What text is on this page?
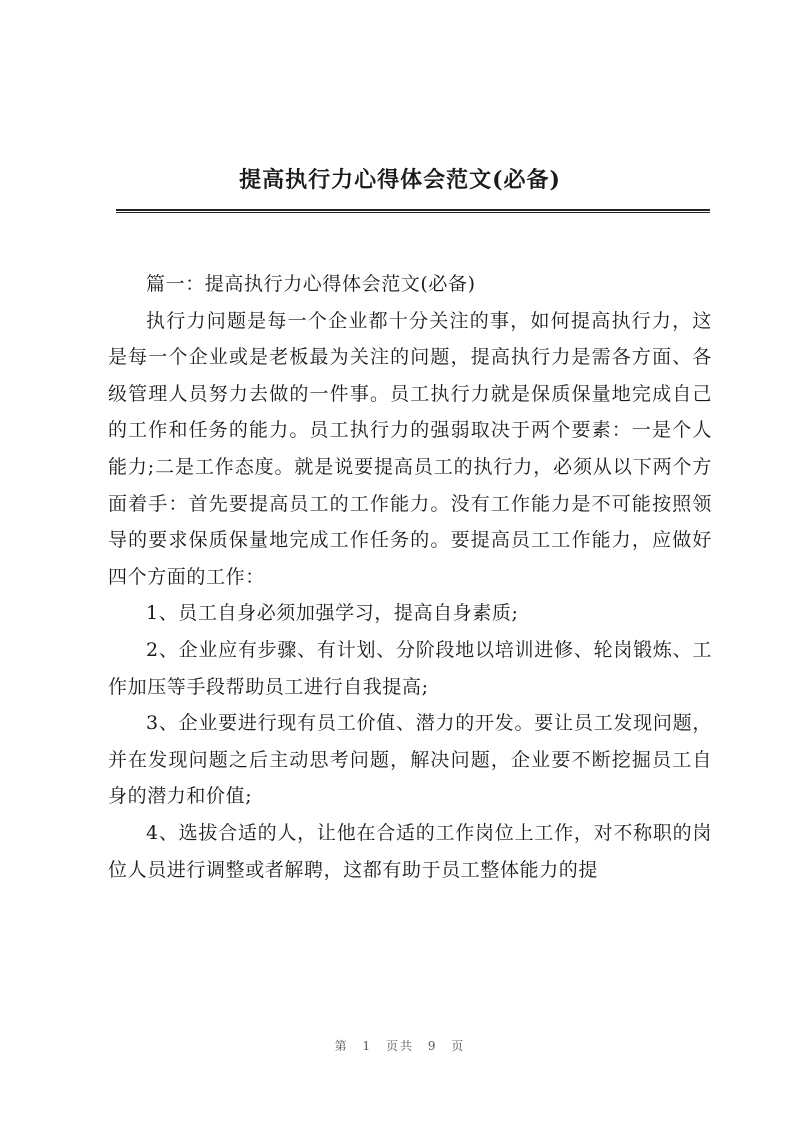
提高执行力心得体会范文(必备)

篇一：提高执行力心得体会范文(必备)

执行力问题是每一个企业都十分关注的事，如何提高执行力，这是每一个企业或是老板最为关注的问题，提高执行力是需各方面、各级管理人员努力去做的一件事。员工执行力就是保质保量地完成自己的工作和任务的能力。员工执行力的强弱取决于两个要素：一是个人能力;二是工作态度。就是说要提高员工的执行力，必须从以下两个方面着手：首先要提高员工的工作能力。没有工作能力是不可能按照领导的要求保质保量地完成工作任务的。要提高员工工作能力，应做好四个方面的工作：

1、员工自身必须加强学习，提高自身素质;

2、企业应有步骤、有计划、分阶段地以培训进修、轮岗锻炼、工作加压等手段帮助员工进行自我提高;

3、企业要进行现有员工价值、潜力的开发。要让员工发现问题，并在发现问题之后主动思考问题，解决问题，企业要不断挖掘员工自身的潜力和价值;

4、选拔合适的人，让他在合适的工作岗位上工作，对不称职的岗位人员进行调整或者解聘，这都有助于员工整体能力的提

第 1 页共 9 页
